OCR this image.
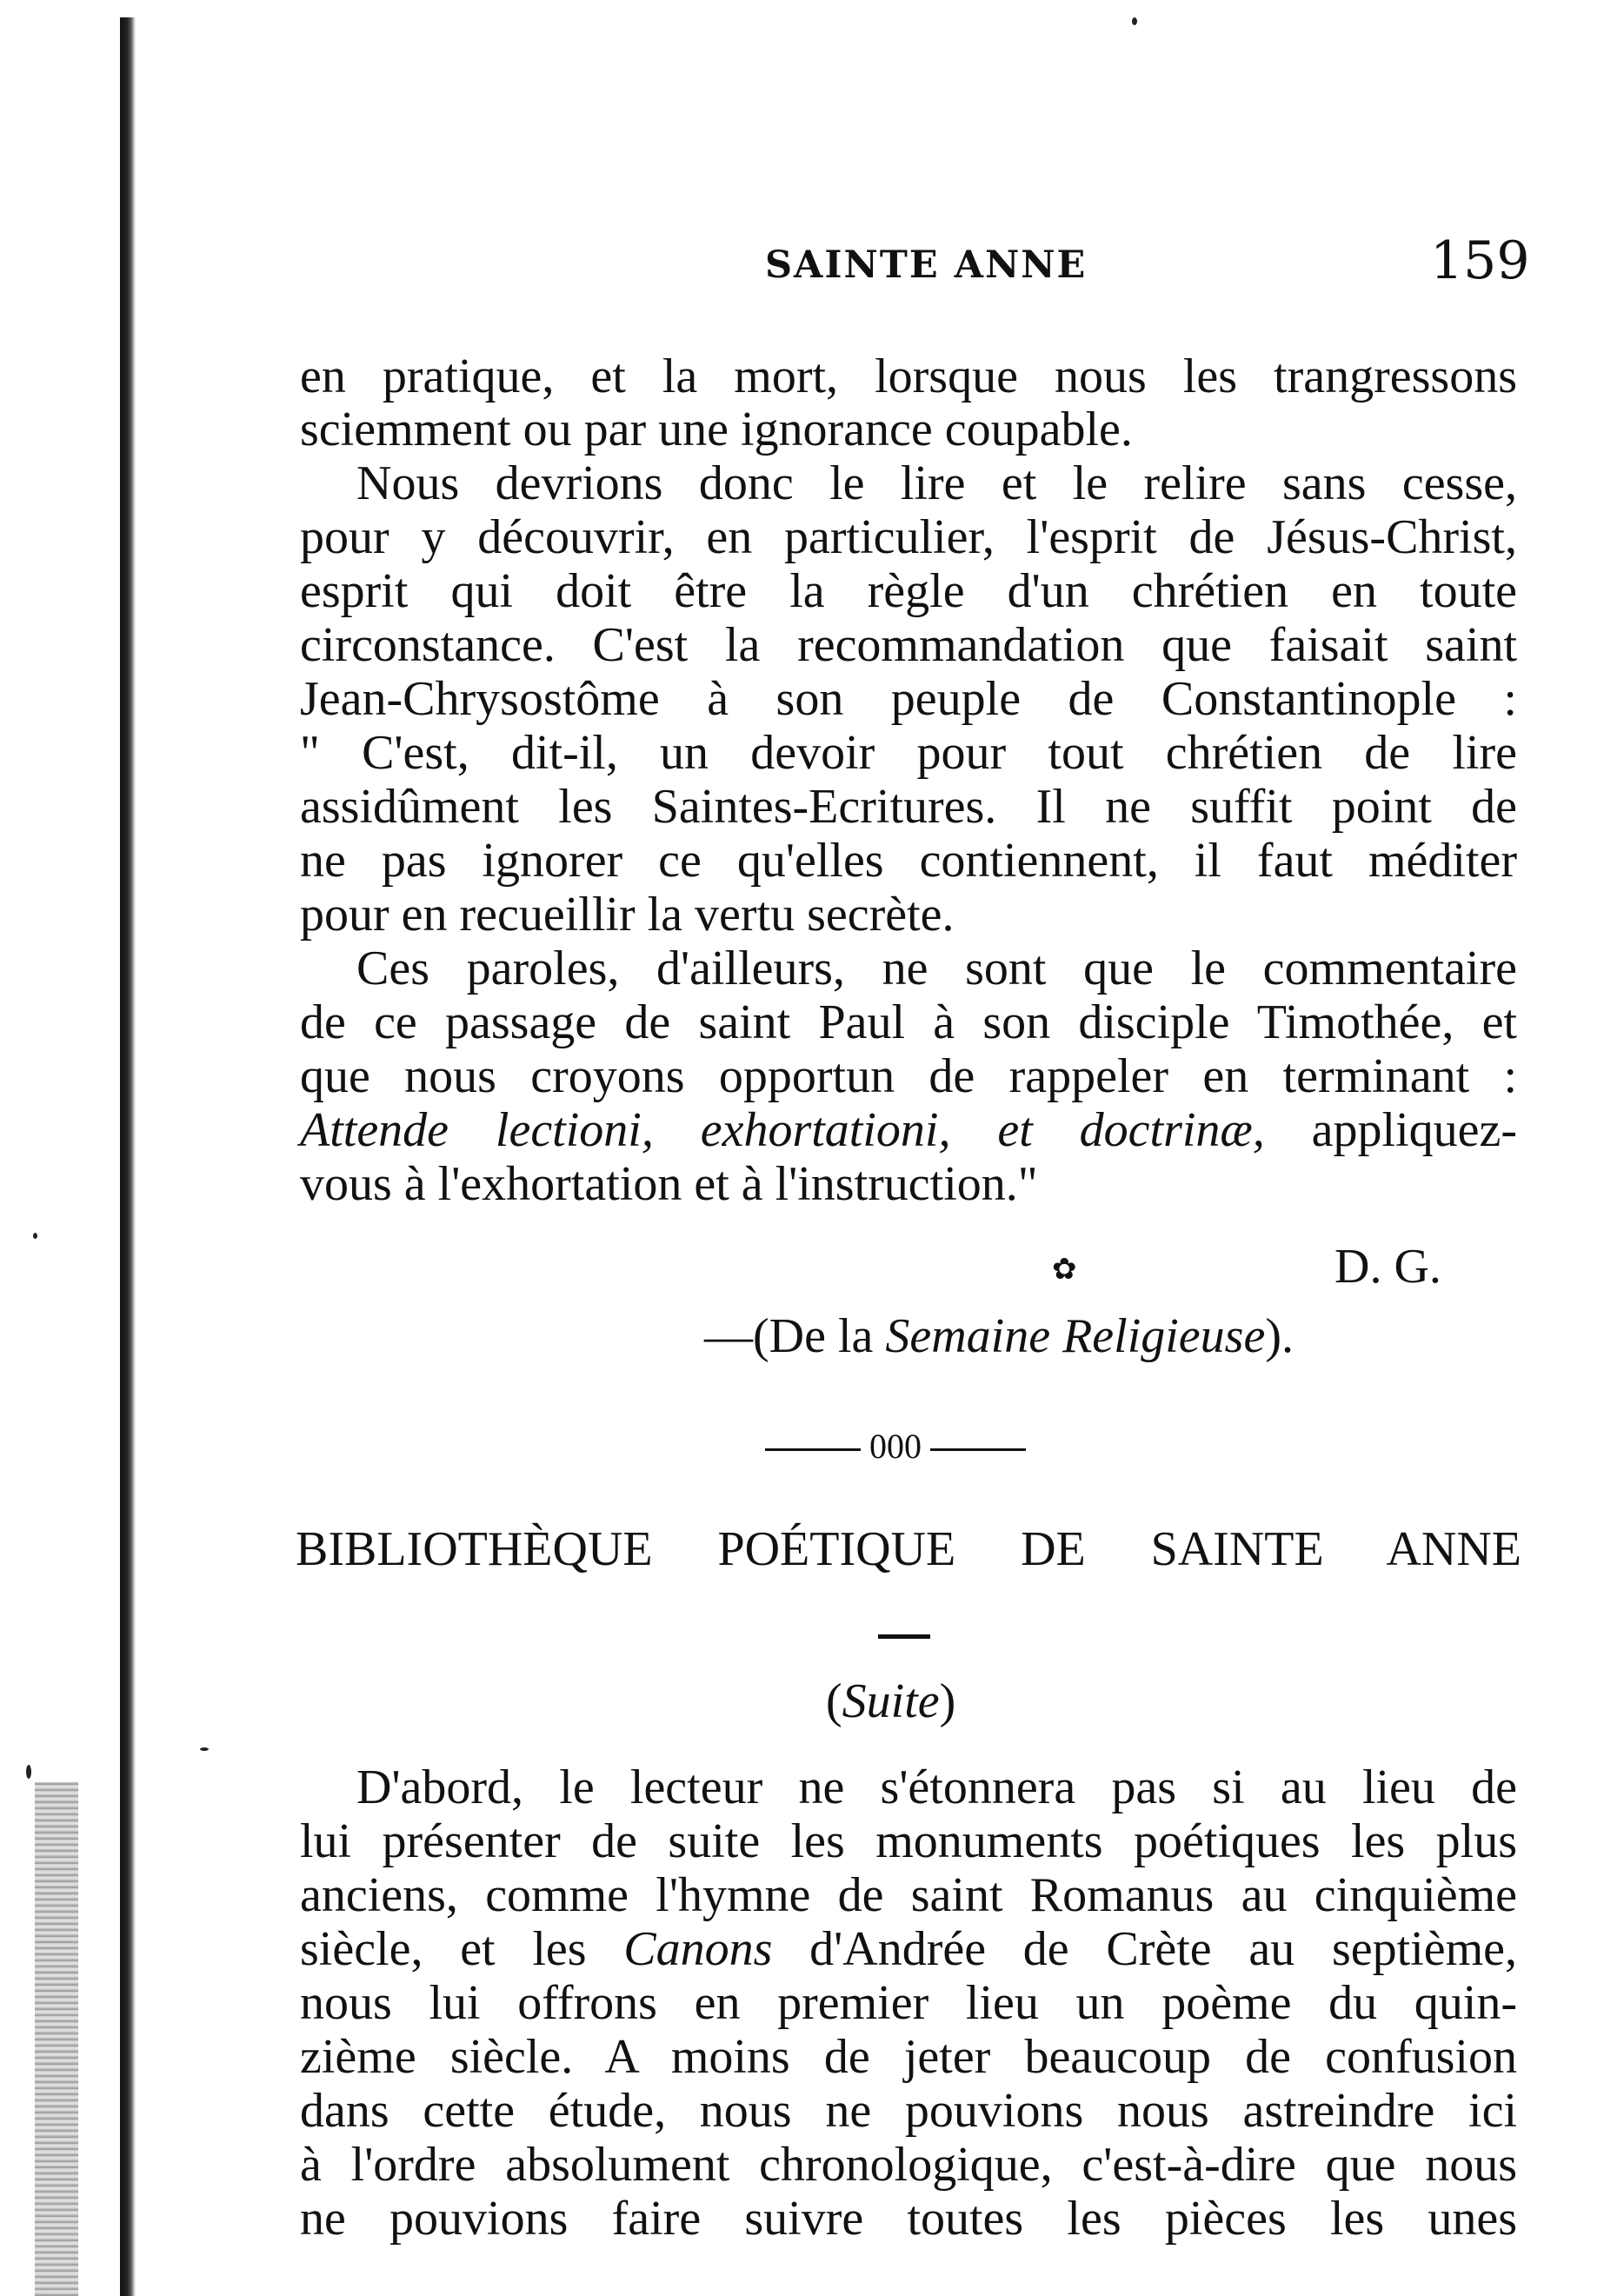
SAINTE ANNE	159
en pratique, et la mort, lorsque nous les trangressons
sciemment ou par une ignorance coupable.
Nous devrions donc le lire et le relire sans cesse,
pour y découvrir, en particulier, l'esprit de Jésus-Christ,
esprit qui doit être la règle d'un chrétien en toute
circonstance. C'est la recommandation que faisait saint
Jean-Chrysostôme à son peuple de Constantinople :
" C'est, dit-il, un devoir pour tout chrétien de lire
assidûment les Saintes-Ecritures. Il ne suffit point de
ne pas ignorer ce qu'elles contiennent, il faut méditer
pour en recueillir la vertu secrète.
Ces paroles, d'ailleurs, ne sont que le commentaire
de ce passage de saint Paul à son disciple Timothée, et
que nous croyons opportun de rappeler en terminant :
Attende lectioni, exhortationi, et doctrinæ, appliquez-
vous à l'exhortation et à l'instruction."
✿	D. G.
—(De la Semaine Religieuse).
000
BIBLIOTHÈQUE POÉTIQUE DE SAINTE ANNE
(Suite)
D'abord, le lecteur ne s'étonnera pas si au lieu de
lui présenter de suite les monuments poétiques les plus
anciens, comme l'hymne de saint Romanus au cinquième
siècle, et les Canons d'Andrée de Crète au septième,
nous lui offrons en premier lieu un poème du quin-
zième siècle. A moins de jeter beaucoup de confusion
dans cette étude, nous ne pouvions nous astreindre ici
à l'ordre absolument chronologique, c'est-à-dire que nous
ne pouvions faire suivre toutes les pièces les unes
